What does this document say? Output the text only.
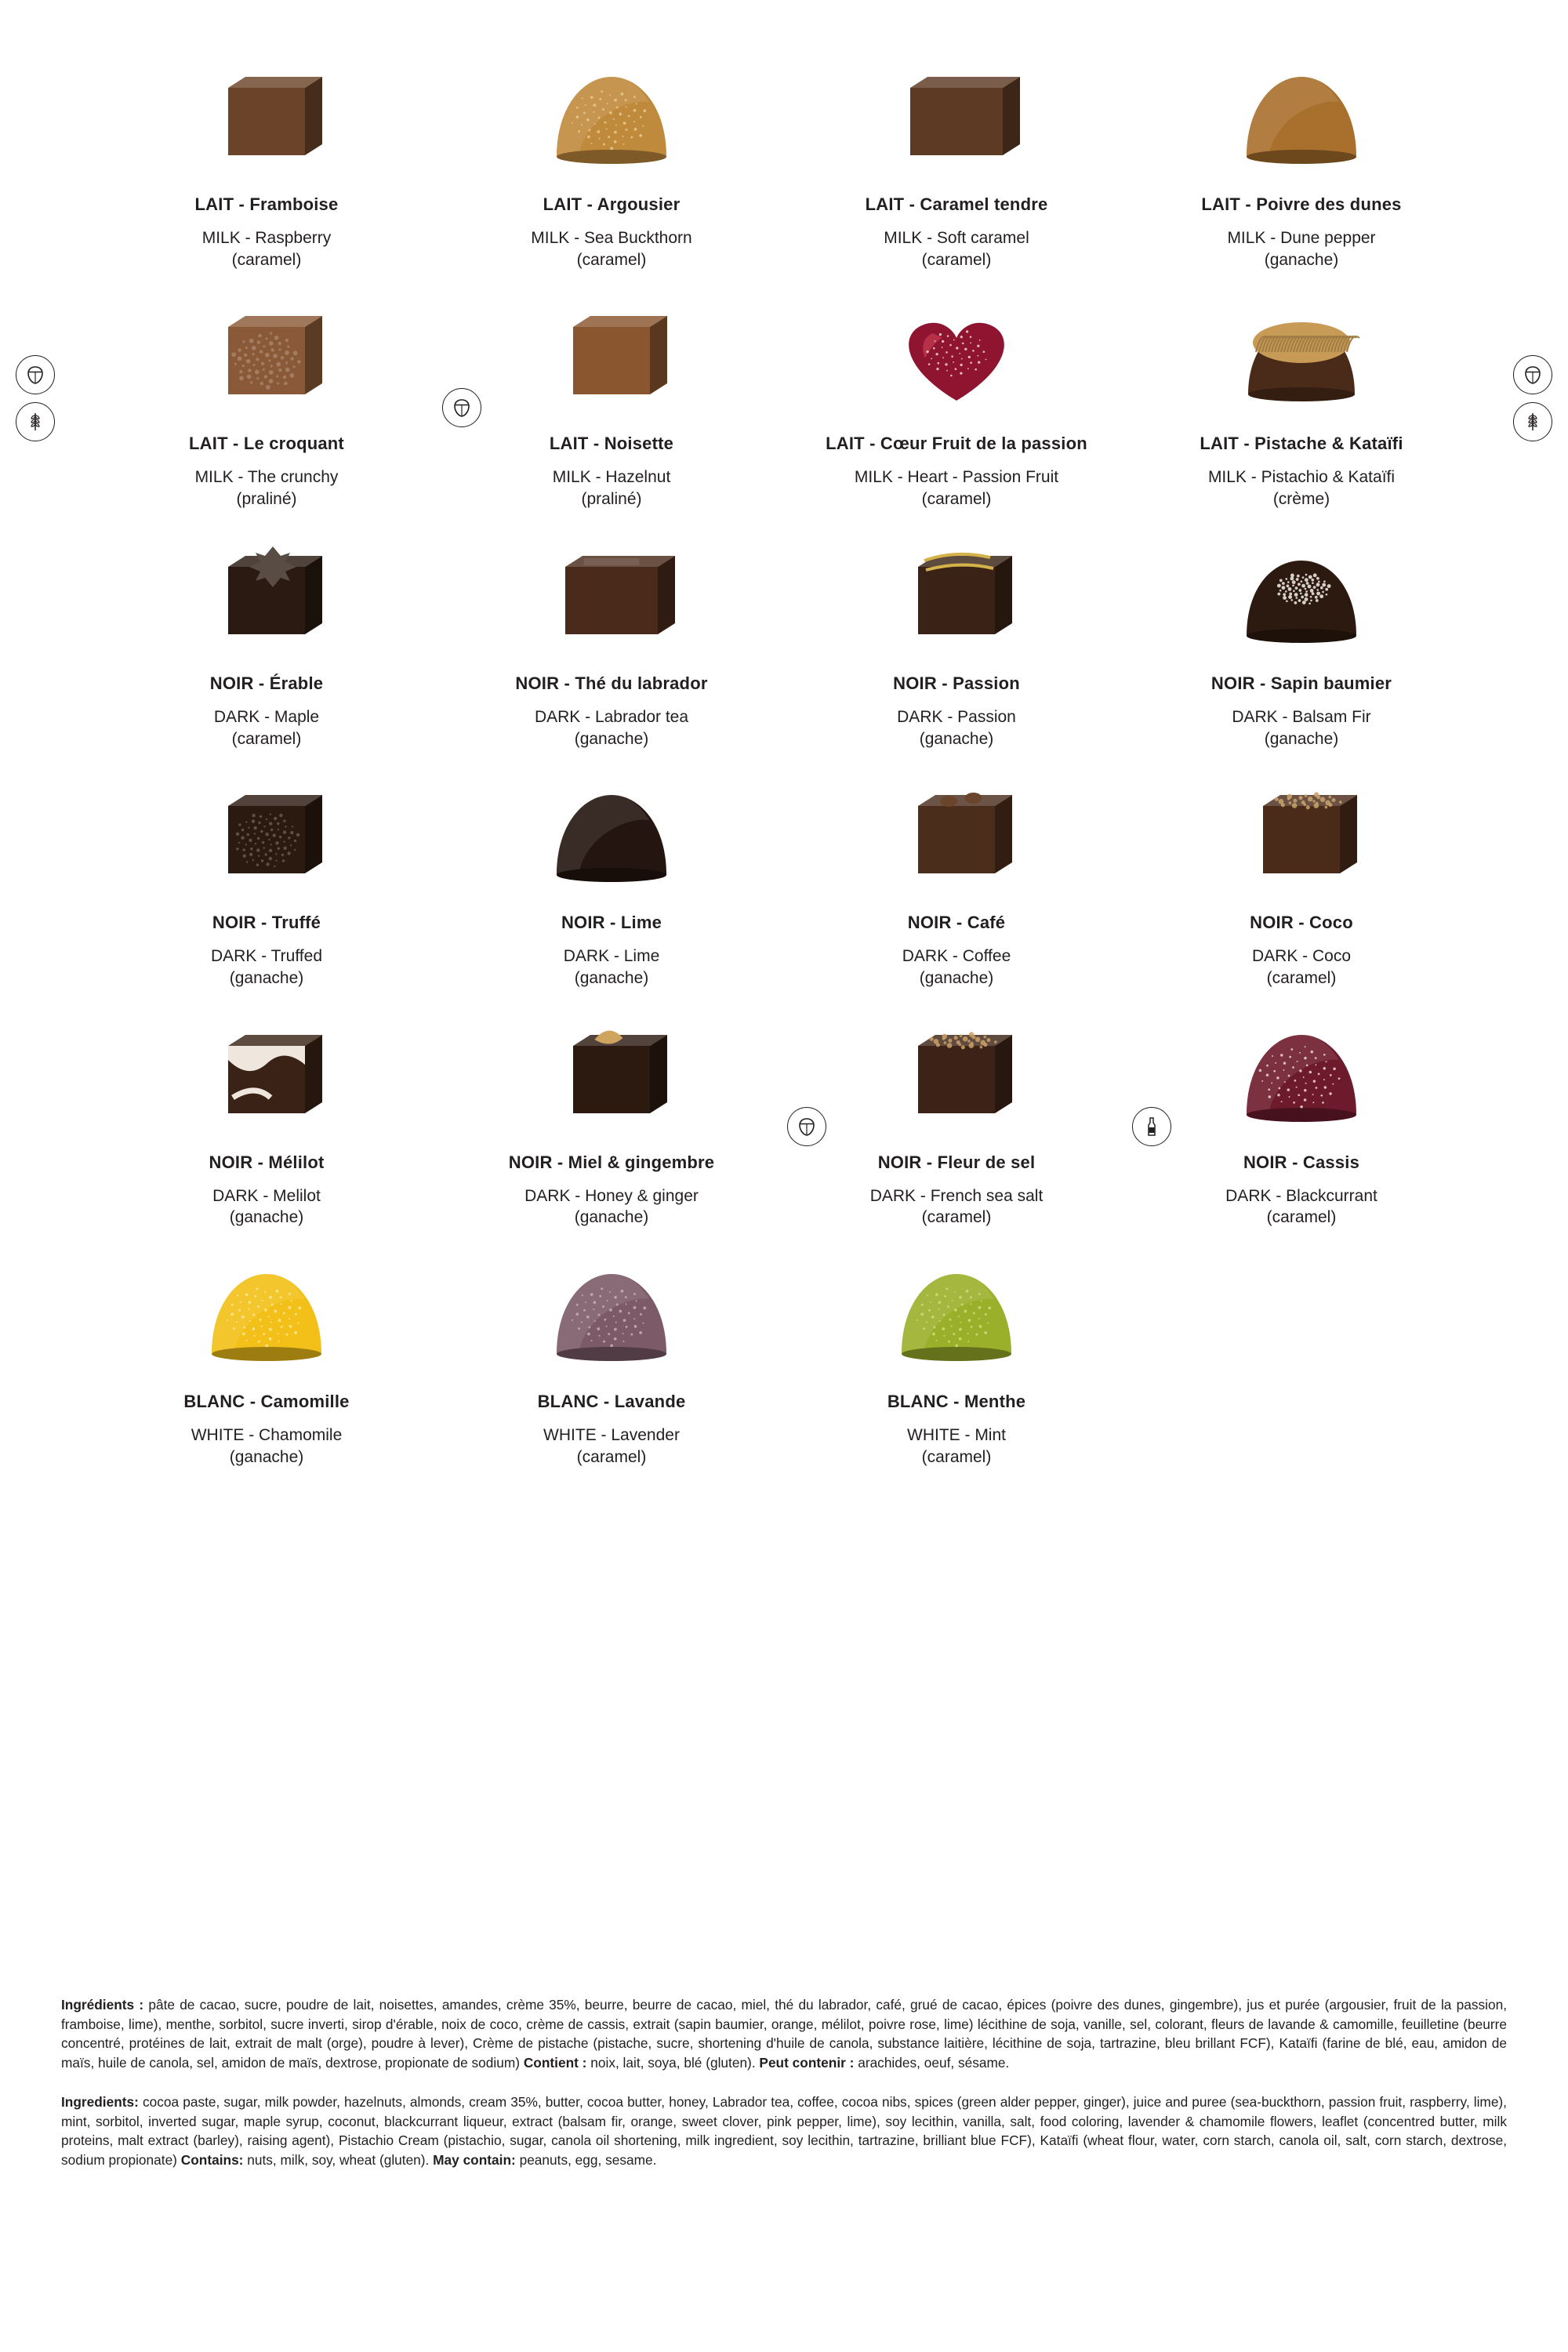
LAIT - Framboise
MILK - Raspberry
(caramel)
LAIT - Argousier
MILK - Sea Buckthorn
(caramel)
LAIT - Caramel tendre
MILK - Soft caramel
(caramel)
LAIT - Poivre des dunes
MILK - Dune pepper
(ganache)
LAIT - Le croquant
MILK - The crunchy
(praliné)
LAIT - Noisette
MILK - Hazelnut
(praliné)
LAIT - Cœur Fruit de la passion
MILK - Heart - Passion Fruit
(caramel)
LAIT - Pistache & Kataïfi
MILK - Pistachio & Kataïfi
(crème)
NOIR - Érable
DARK - Maple
(caramel)
NOIR - Thé du labrador
DARK - Labrador tea
(ganache)
NOIR - Passion
DARK - Passion
(ganache)
NOIR - Sapin baumier
DARK - Balsam Fir
(ganache)
NOIR - Truffé
DARK - Truffed
(ganache)
NOIR - Lime
DARK - Lime
(ganache)
NOIR - Café
DARK - Coffee
(ganache)
NOIR - Coco
DARK - Coco
(caramel)
NOIR - Mélilot
DARK - Melilot
(ganache)
NOIR - Miel & gingembre
DARK - Honey & ginger
(ganache)
NOIR - Fleur de sel
DARK - French sea salt
(caramel)
NOIR - Cassis
DARK - Blackcurrant
(caramel)
BLANC - Camomille
WHITE - Chamomile
(ganache)
BLANC - Lavande
WHITE - Lavender
(caramel)
BLANC - Menthe
WHITE - Mint
(caramel)

Ingrédients : pâte de cacao, sucre, poudre de lait, noisettes, amandes, crème 35%, beurre, beurre de cacao, miel, thé du labrador, café, grué de cacao, épices (poivre des dunes, gingembre), jus et purée (argousier, fruit de la passion, framboise, lime), menthe, sorbitol, sucre inverti, sirop d'érable, noix de coco, crème de cassis, extrait (sapin baumier, orange, mélilot, poivre rose, lime) lécithine de soja, vanille, sel, colorant, fleurs de lavande & camomille, feuilletine (beurre concentré, protéines de lait, extrait de malt (orge), poudre à lever), Crème de pistache (pistache, sucre, shortening d'huile de canola, substance laitière, lécithine de soja, tartrazine, bleu brillant FCF), Kataïfi (farine de blé, eau, amidon de maïs, huile de canola, sel, amidon de maïs, dextrose, propionate de sodium) Contient : noix, lait, soya, blé (gluten). Peut contenir : arachides, oeuf, sésame.

Ingredients: cocoa paste, sugar, milk powder, hazelnuts, almonds, cream 35%, butter, cocoa butter, honey, Labrador tea, coffee, cocoa nibs, spices (green alder pepper, ginger), juice and puree (sea-buckthorn, passion fruit, raspberry, lime), mint, sorbitol, inverted sugar, maple syrup, coconut, blackcurrant liqueur, extract (balsam fir, orange, sweet clover, pink pepper, lime), soy lecithin, vanilla, salt, food coloring, lavender & chamomile flowers, leaflet (concentred butter, milk proteins, malt extract (barley), raising agent), Pistachio Cream (pistachio, sugar, canola oil shortening, milk ingredient, soy lecithin, tartrazine, brilliant blue FCF), Kataïfi (wheat flour, water, corn starch, canola oil, salt, corn starch, dextrose, sodium propionate) Contains: nuts, milk, soy, wheat (gluten). May contain: peanuts, egg, sesame.
